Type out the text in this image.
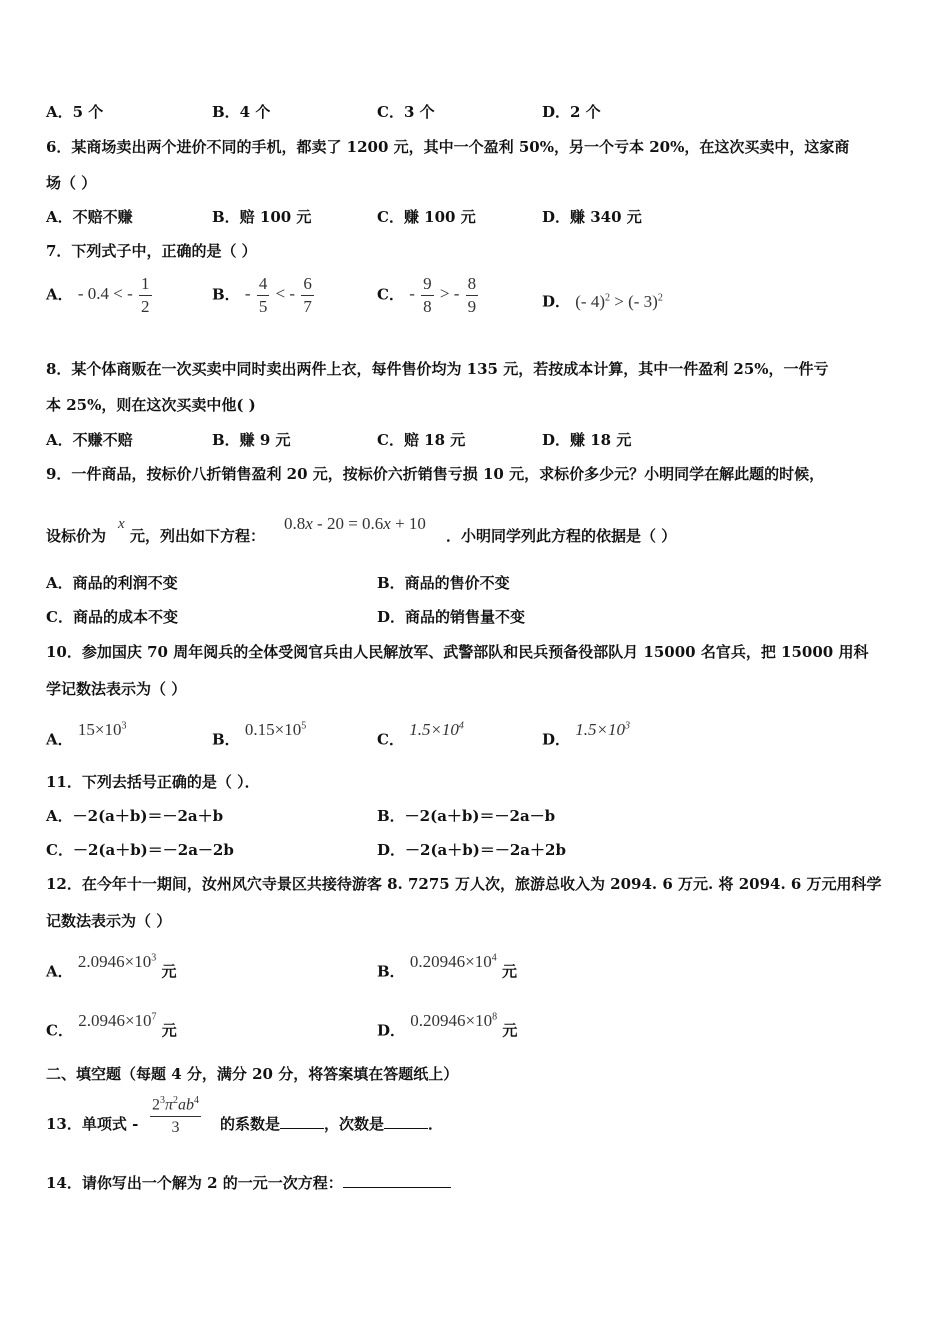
A．5 个	B．4 个	C．3 个	D．2 个
6．某商场卖出两个进价不同的手机，都卖了 1200 元，其中一个盈利 50%，另一个亏本 20%，在这次买卖中，这家商
场（ ）
A．不赔不赚	B．赔 100 元	C．赚 100 元	D．赚 340 元
7．下列式子中，正确的是（ ）
A． - 0.4 < - $\frac{1}{2}$	B． - $\frac{4}{5}$ < - $\frac{6}{7}$	C． - $\frac{9}{8}$ > - $\frac{8}{9}$	D． (- 4)$^2$ > (- 3)$^2$
8．某个体商贩在一次买卖中同时卖出两件上衣，每件售价均为 135 元，若按成本计算，其中一件盈利 25%，一件亏
本 25%，则在这次买卖中他( )
A．不赚不赔	B．赚 9 元	C．赔 18 元	D．赚 18 元
9．一件商品，按标价八折销售盈利 20 元，按标价六折销售亏损 10 元，求标价多少元？小明同学在解此题的时候，
设标价为
x
元，列出如下方程：
0.8x - 20 = 0.6x + 10
．小明同学列此方程的依据是（ ）
A．商品的利润不变	B．商品的售价不变
C．商品的成本不变	D．商品的销售量不变
10．参加国庆 70 周年阅兵的全体受阅官兵由人民解放军、武警部队和民兵预备役部队月 15000 名官兵，把 15000 用科
学记数法表示为（ ）
A． $15\times 10^3$
B． $0.15\times 10^5$
C． $1.5\times 10^4$
D． $1.5\times 10^3$
11．下列去括号正确的是（ ）．
A．－2(a＋b)＝－2a＋b	B．－2(a＋b)＝－2a－b
C．－2(a＋b)＝－2a－2b	D．－2(a＋b)＝－2a＋2b
12．在今年十一期间，汝州风穴寺景区共接待游客 8. 7275 万人次，旅游总收入为 2094. 6 万元. 将 2094. 6 万元用科学
记数法表示为（ ）
A． $2.0946\times 10^3$ 元	B． $0.20946\times 10^4$ 元
C． $2.0946\times 10^7$ 元	D． $0.20946\times 10^8$ 元
二、填空题（每题 4 分，满分 20 分，将答案填在答题纸上）
13．单项式 - $\frac{2^3\pi^2ab^4}{3}$ 的系数是	，次数是	．
14．请你写出一个解为 2 的一元一次方程：
